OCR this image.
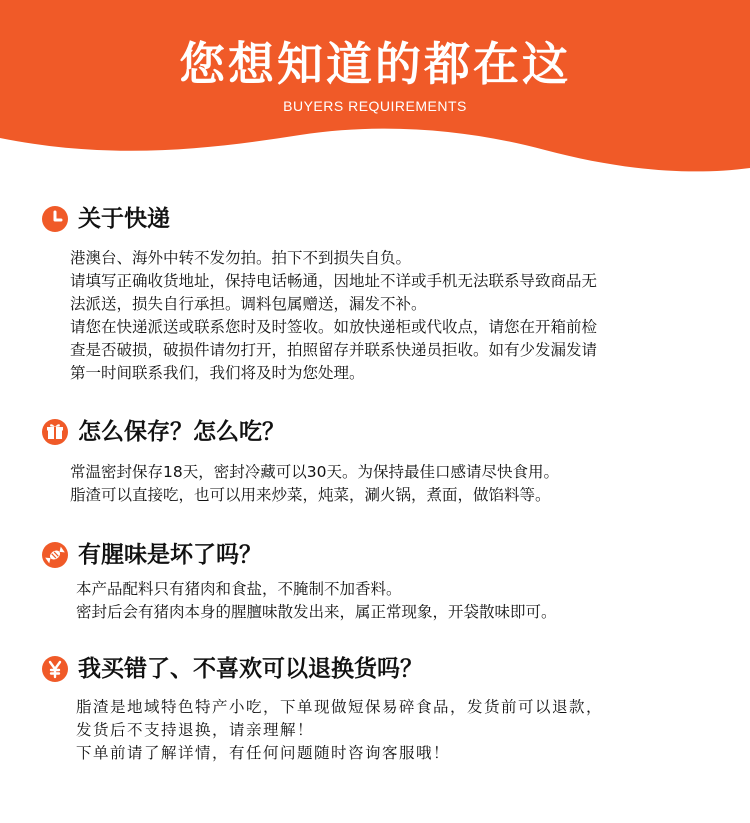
您想知道的都在这
BUYERS REQUIREMENTS
关于快递
港澳台、海外中转不发勿拍。拍下不到损失自负。
请填写正确收货地址，保持电话畅通，因地址不详或手机无法联系导致商品无
法派送，损失自行承担。调料包属赠送，漏发不补。
请您在快递派送或联系您时及时签收。如放快递柜或代收点，请您在开箱前检
查是否破损，破损件请勿打开，拍照留存并联系快递员拒收。如有少发漏发请
第一时间联系我们，我们将及时为您处理。
怎么保存？怎么吃？
常温密封保存18天，密封冷藏可以30天。为保持最佳口感请尽快食用。
脂渣可以直接吃，也可以用来炒菜，炖菜，涮火锅，煮面，做馅料等。
有腥味是坏了吗？
本产品配料只有猪肉和食盐，不腌制不加香料。
密封后会有猪肉本身的腥膻味散发出来，属正常现象，开袋散味即可。
我买错了、不喜欢可以退换货吗？
脂渣是地域特色特产小吃，下单现做短保易碎食品，发货前可以退款，
发货后不支持退换，请亲理解！
下单前请了解详情，有任何问题随时咨询客服哦！
